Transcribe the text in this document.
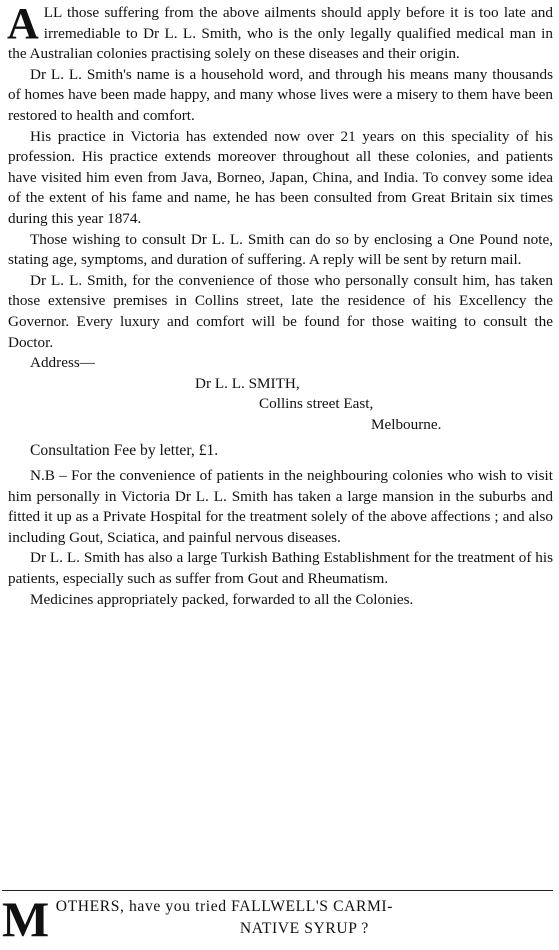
A LL those suffering from the above ailments should apply before it is too late and irremediable to Dr L. L. Smith, who is the only legally qualified medical man in the Australian colonies practising solely on these diseases and their origin.

Dr L. L. Smith's name is a household word, and through his means many thousands of homes have been made happy, and many whose lives were a misery to them have been restored to health and comfort.

His practice in Victoria has extended now over 21 years on this speciality of his profession. His practice extends moreover throughout all these colonies, and patients have visited him even from Java, Borneo, Japan, China, and India. To convey some idea of the extent of his fame and name, he has been consulted from Great Britain six times during this year 1874.

Those wishing to consult Dr L. L. Smith can do so by enclosing a One Pound note, stating age, symptoms, and duration of suffering. A reply will be sent by return mail.

Dr L. L. Smith, for the convenience of those who personally consult him, has taken those extensive premises in Collins street, late the residence of his Excellency the Governor. Every luxury and comfort will be found for those waiting to consult the Doctor.

Address—
Dr L. L. SMITH,
Collins street East,
Melbourne.
Consultation Fee by letter, £1.

N.B – For the convenience of patients in the neighbouring colonies who wish to visit him personally in Victoria Dr L. L. Smith has taken a large mansion in the suburbs and fitted it up as a Private Hospital for the treatment solely of the above affections ; and also including Gout, Sciatica, and painful nervous diseases.

Dr L. L. Smith has also a large Turkish Bathing Establishment for the treatment of his patients, especially such as suffer from Gout and Rheumatism.

Medicines appropriately packed, forwarded to all the Colonies.

M OTHERS, have you tried FALLWELL'S CARMI-
NATIVE SYRUP ?
